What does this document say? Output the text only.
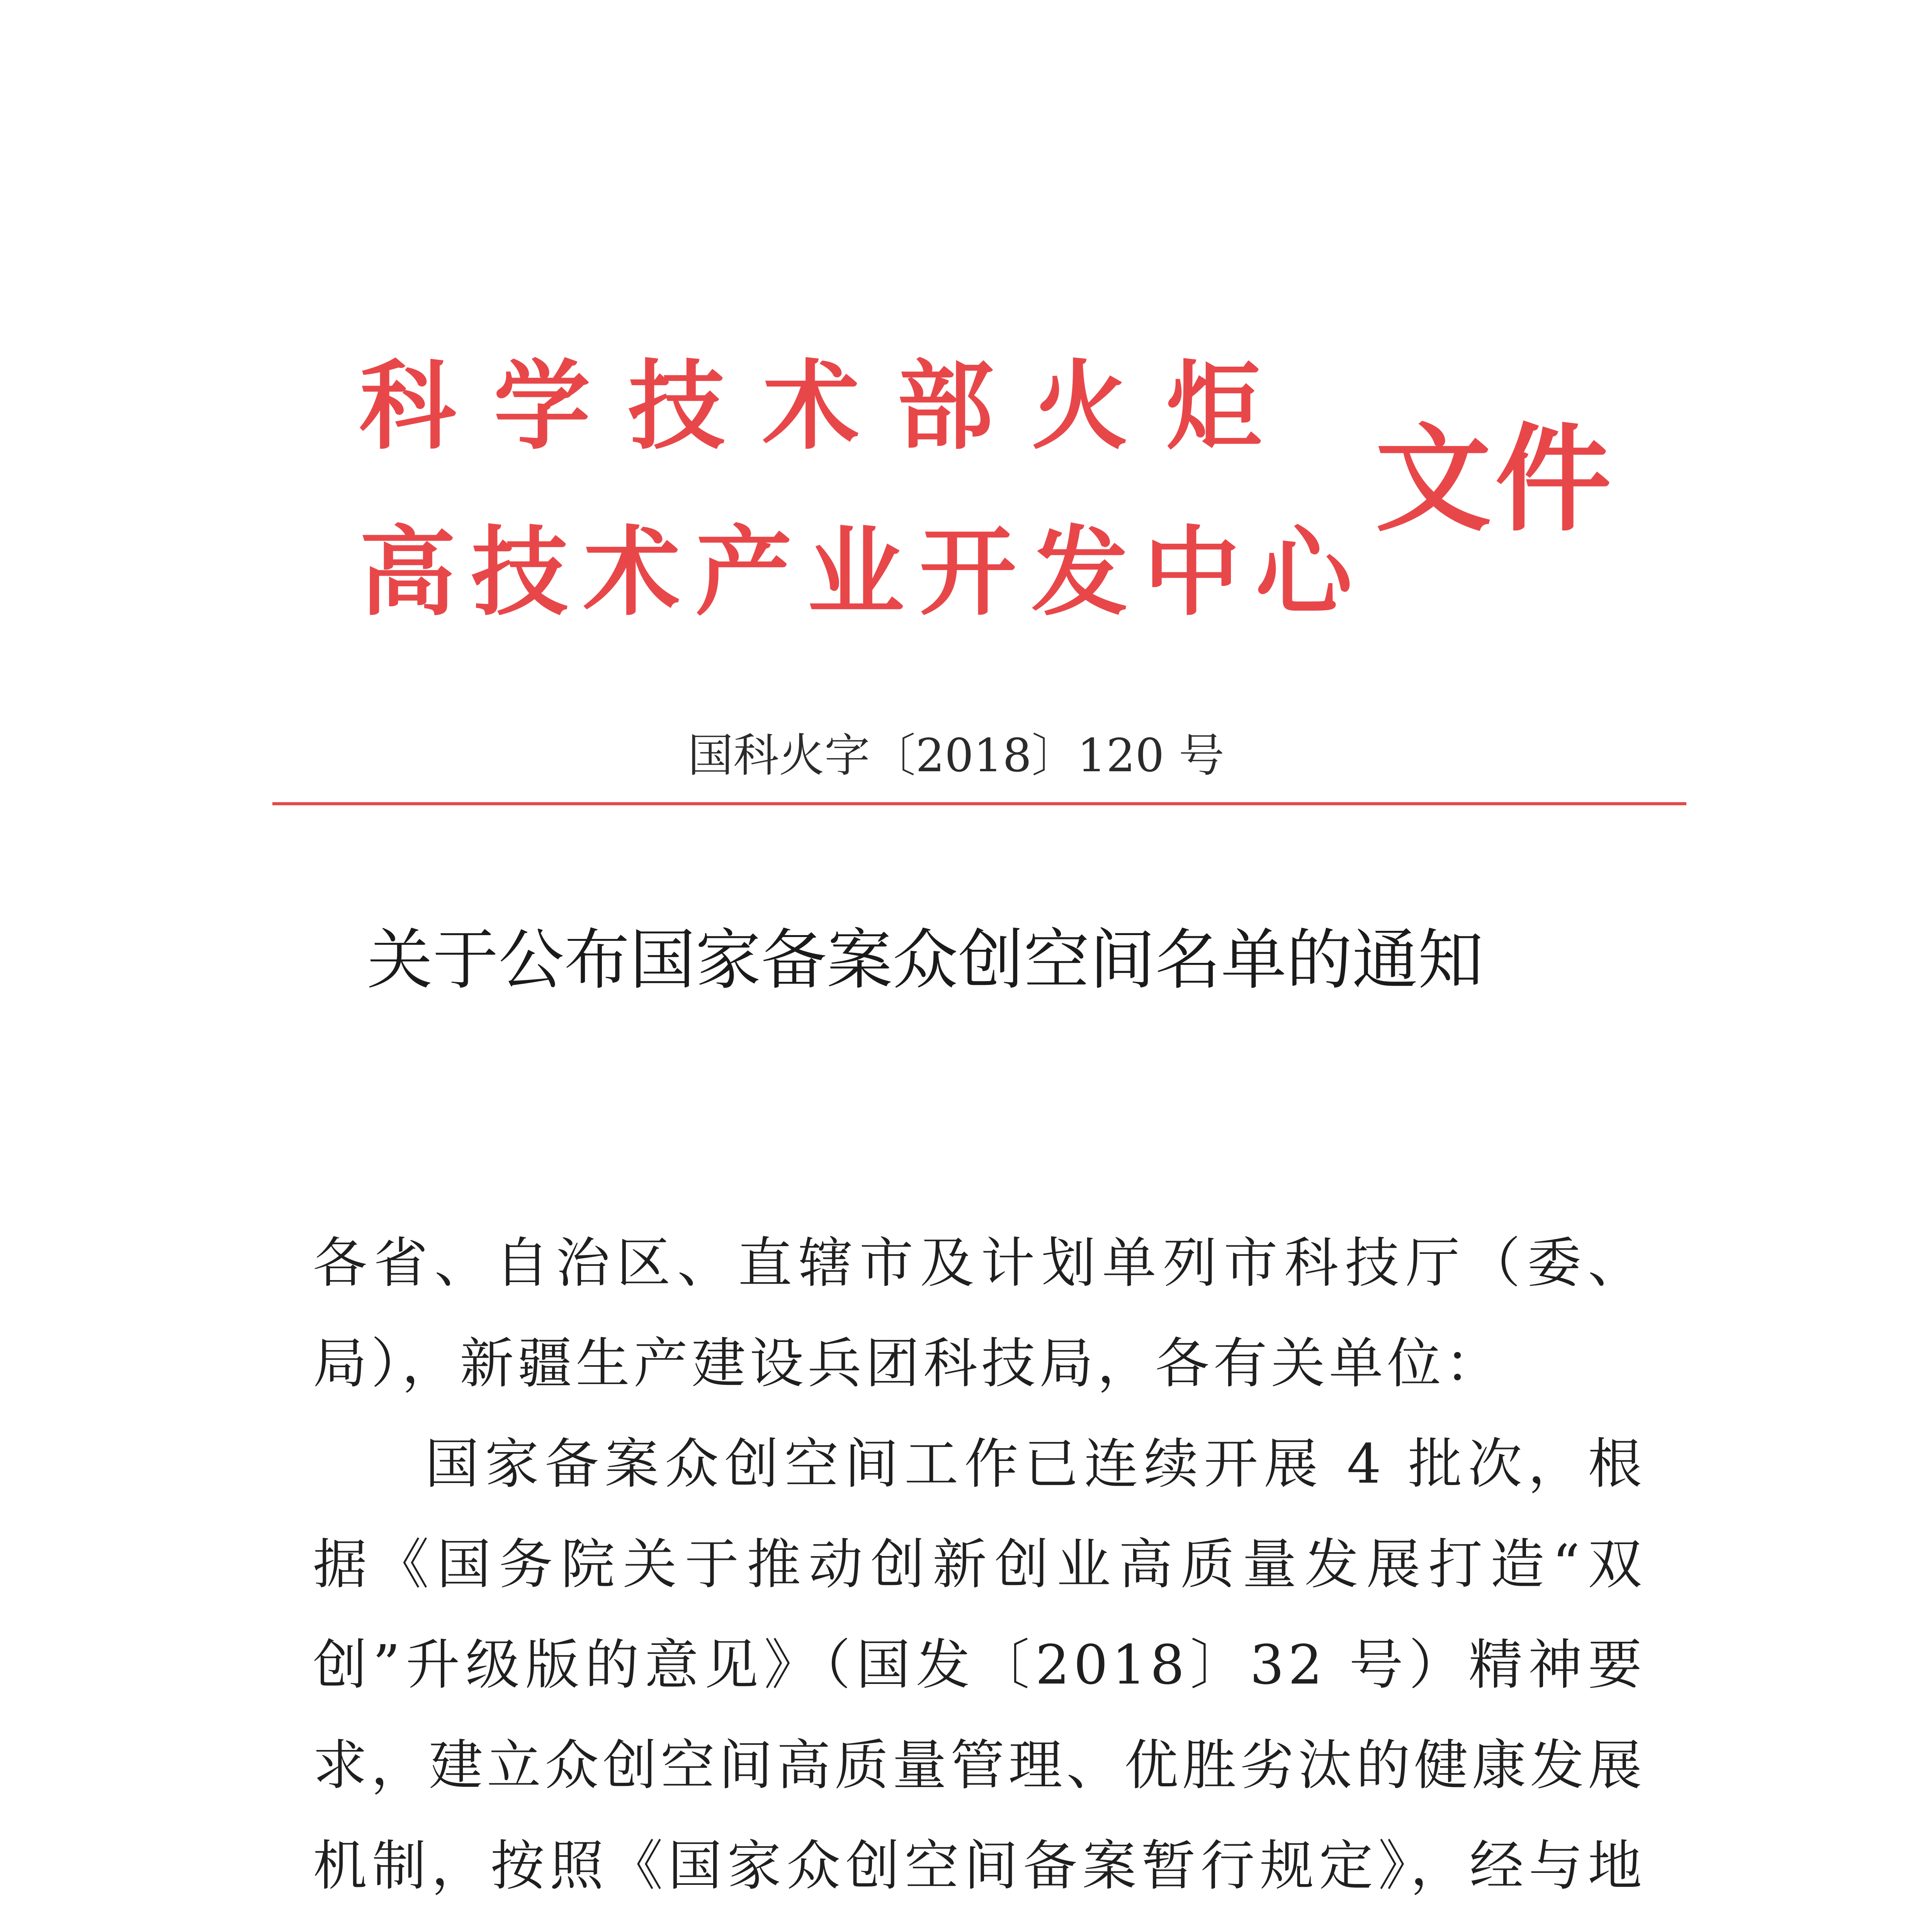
科学技术部火炬
高技术产业开发中心
文件
国科火字〔2018〕120 号
关于公布国家备案众创空间名单的通知
各省、自治区、直辖市及计划单列市科技厅（委、局），新疆生产建设兵团科技局，各有关单位：
国家备案众创空间工作已连续开展 4 批次，根据《国务院关于推动创新创业高质量发展打造“双创”升级版的意见》（国发〔2018〕32 号）精神要求，建立众创空间高质量管理、优胜劣汰的健康发展机制，按照《国家众创空间备案暂行规定》，经与地
